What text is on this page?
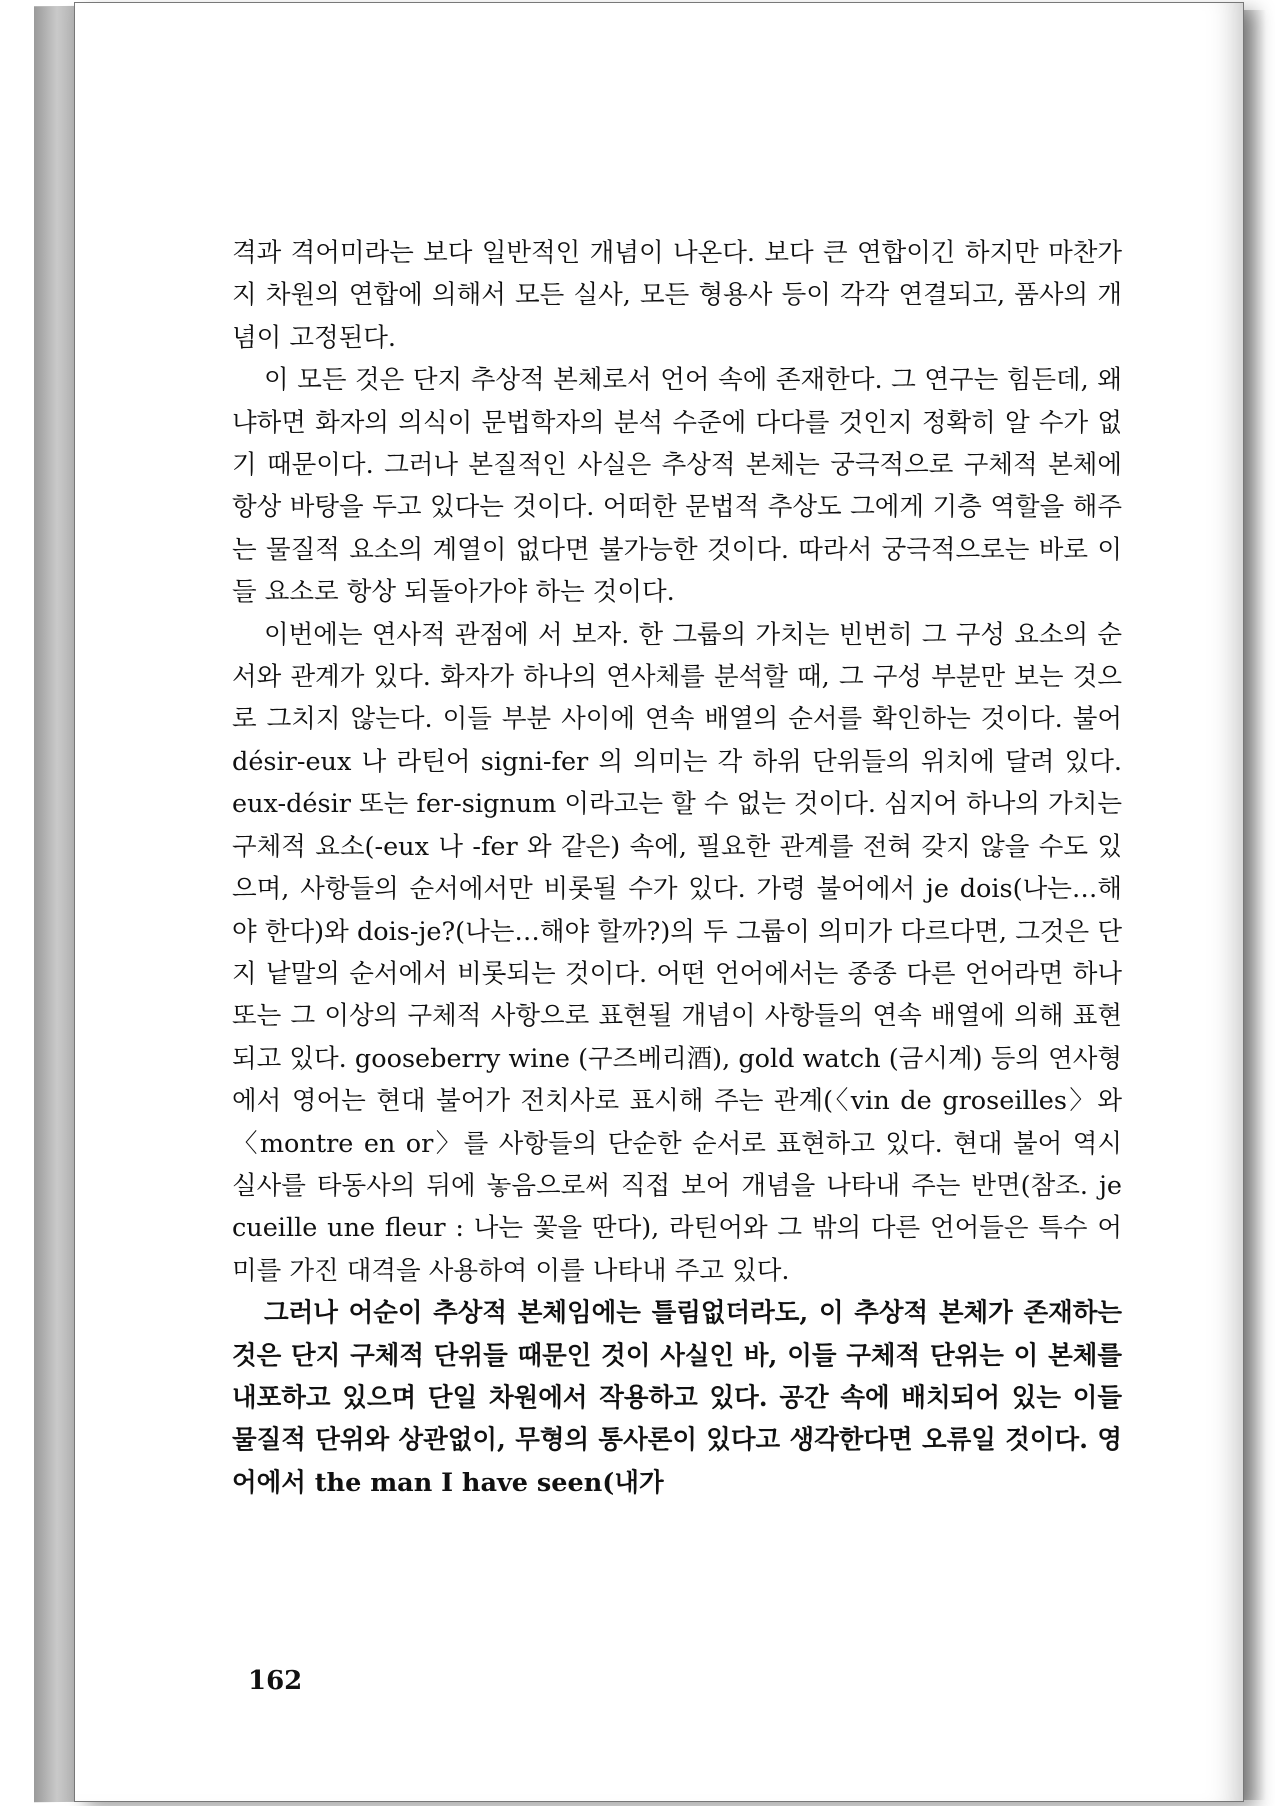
격과 격어미라는 보다 일반적인 개념이 나온다. 보다 큰 연합이긴 하지만 마찬가지 차원의 연합에 의해서 모든 실사, 모든 형용사 등이 각각 연결되고, 품사의 개념이 고정된다.

이 모든 것은 단지 추상적 본체로서 언어 속에 존재한다. 그 연구는 힘든데, 왜냐하면 화자의 의식이 문법학자의 분석 수준에 다다를 것인지 정확히 알 수가 없기 때문이다. 그러나 본질적인 사실은 추상적 본체는 궁극적으로 구체적 본체에 항상 바탕을 두고 있다는 것이다. 어떠한 문법적 추상도 그에게 기층 역할을 해주는 물질적 요소의 계열이 없다면 불가능한 것이다. 따라서 궁극적으로는 바로 이들 요소로 항상 되돌아가야 하는 것이다.

이번에는 연사적 관점에 서 보자. 한 그룹의 가치는 빈번히 그 구성 요소의 순서와 관계가 있다. 화자가 하나의 연사체를 분석할 때, 그 구성 부분만 보는 것으로 그치지 않는다. 이들 부분 사이에 연속 배열의 순서를 확인하는 것이다. 불어 désir-eux 나 라틴어 signi-fer 의 의미는 각 하위 단위들의 위치에 달려 있다. eux-désir 또는 fer-signum 이라고는 할 수 없는 것이다. 심지어 하나의 가치는 구체적 요소(-eux 나 -fer 와 같은) 속에, 필요한 관계를 전혀 갖지 않을 수도 있으며, 사항들의 순서에서만 비롯될 수가 있다. 가령 불어에서 je dois(나는…해야 한다)와 dois-je?(나는…해야 할까?)의 두 그룹이 의미가 다르다면, 그것은 단지 낱말의 순서에서 비롯되는 것이다. 어떤 언어에서는 종종 다른 언어라면 하나 또는 그 이상의 구체적 사항으로 표현될 개념이 사항들의 연속 배열에 의해 표현되고 있다. gooseberry wine (구즈베리酒), gold watch (금시계) 등의 연사형에서 영어는 현대 불어가 전치사로 표시해 주는 관계(〈vin de groseilles〉와 〈montre en or〉를 사항들의 단순한 순서로 표현하고 있다. 현대 불어 역시 실사를 타동사의 뒤에 놓음으로써 직접 보어 개념을 나타내 주는 반면(참조. je cueille une fleur : 나는 꽃을 딴다), 라틴어와 그 밖의 다른 언어들은 특수 어미를 가진 대격을 사용하여 이를 나타내 주고 있다.

그러나 어순이 추상적 본체임에는 틀림없더라도, 이 추상적 본체가 존재하는 것은 단지 구체적 단위들 때문인 것이 사실인 바, 이들 구체적 단위는 이 본체를 내포하고 있으며 단일 차원에서 작용하고 있다. 공간 속에 배치되어 있는 이들 물질적 단위와 상관없이, 무형의 통사론이 있다고 생각한다면 오류일 것이다. 영어에서 the man I have seen(내가

162
